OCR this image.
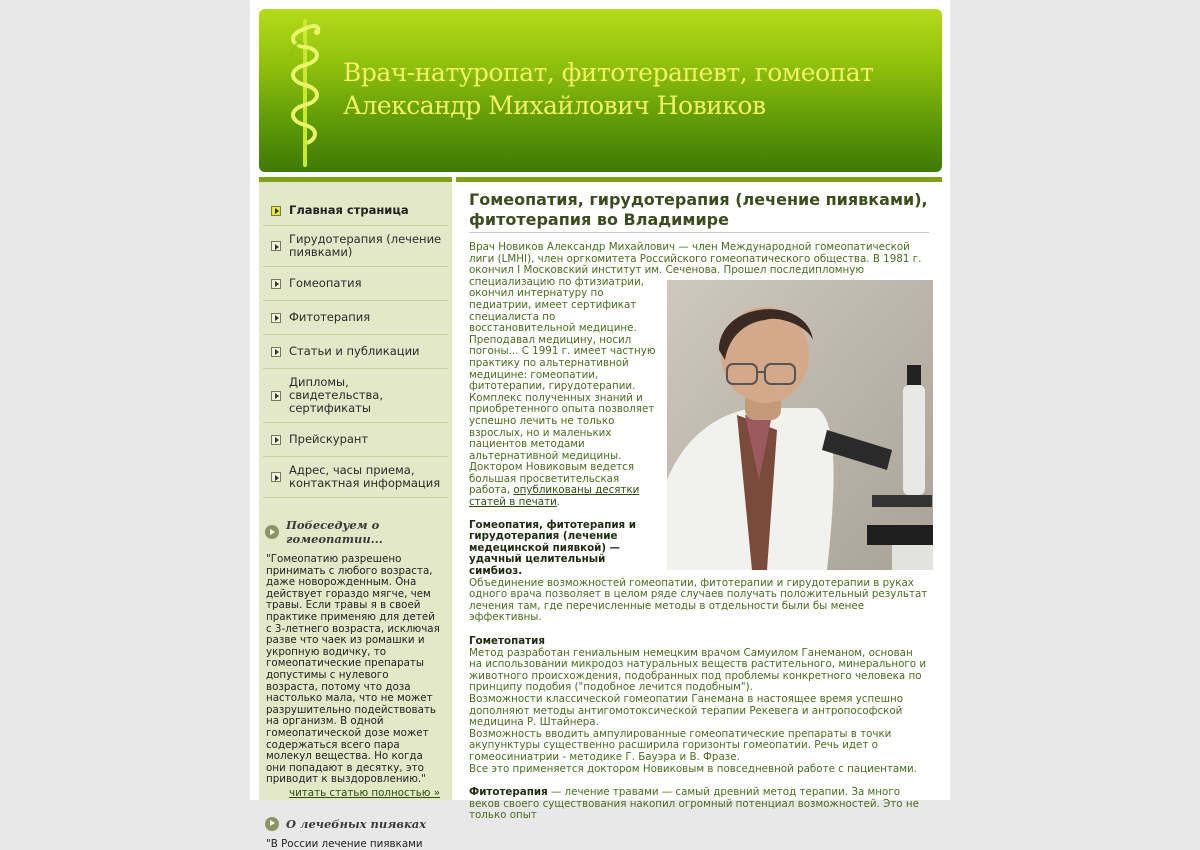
Врач-натуропат, фитотерапевт, гомеопат
Александр Михайлович Новиков
Главная страница
Гирудотерапия (лечение пиявками)
Гомеопатия
Фитотерапия
Статьи и публикации
Дипломы, свидетельства, сертификаты
Прейскурант
Адрес, часы приема, контактная информация
Побеседуем о гомеопатии...
"Гомеопатию разрешено принимать с любого возраста, даже новорожденным. Она действует гораздо мягче, чем травы. Если травы я в своей практике применяю для детей с 3-летнего возраста, исключая разве что чаек из ромашки и укропную водичку, то гомеопатические препараты допустимы с нулевого возраста, потому что доза настолько мала, что не может разрушительно подействовать на организм. В одной гомеопатической дозе может содержаться всего пара молекул вещества. Но когда они попадают в десятку, это приводит к выздоровлению."
читать статью полностью »
О лечебных пиявках
"В России лечение пиявками
Гомеопатия, гирудотерапия (лечение пиявками), фитотерапия во Владимире
Врач Новиков Александр Михайлович — член Международной гомеопатической лиги (LMHI), член оргкомитета Российского гомеопатического общества. В 1981 г. окончил I Московский институт им. Сеченова. Прошел последипломную специализацию по фтизиатрии, окончил интернатуру по педиатрии, имеет сертификат специалиста по восстановительной медицине. Преподавал медицину, носил погоны... С 1991 г. имеет частную практику по альтернативной медицине: гомеопатии, фитотерапии, гирудотерапии. Комплекс полученных знаний и приобретенного опыта позволяет успешно лечить не только взрослых, но и маленьких пациентов методами альтернативной медицины. Доктором Новиковым ведется большая просветительская работа, опубликованы десятки статей в печати.
Гомеопатия, фитотерапия и гирудотерапия (лечение медецинской пиявкой) — удачный целительный симбиоз.
Объединение возможностей гомеопатии, фитотерапии и гирудотерапии в руках одного врача позволяет в целом ряде случаев получать положительный результат лечения там, где перечисленные методы в отдельности были бы менее эффективны.
Гометопатия
Метод разработан гениальным немецким врачом Самуилом Ганеманом, основан на использовании микродоз натуральных веществ растительного, минерального и животного происхождения, подобранных под проблемы конкретного человека по принципу подобия ("подобное лечится подобным").
Возможности классической гомеопатии Ганемана в настоящее время успешно дополняют методы антигомотоксической терапии Рекевега и антропософской медицина Р. Штайнера.
Возможность вводить ампулированные гомеопатические препараты в точки акупунктуры существенно расширила горизонты гомеопатии. Речь идет о гомеосиниатрии - методике Г. Бауэра и В. Фразе.
Все это применяется доктором Новиковым в повседневной работе с пациентами.
Фитотерапия — лечение травами — самый древний метод терапии. За много веков своего существования накопил огромный потенциал возможностей. Это не только опыт
